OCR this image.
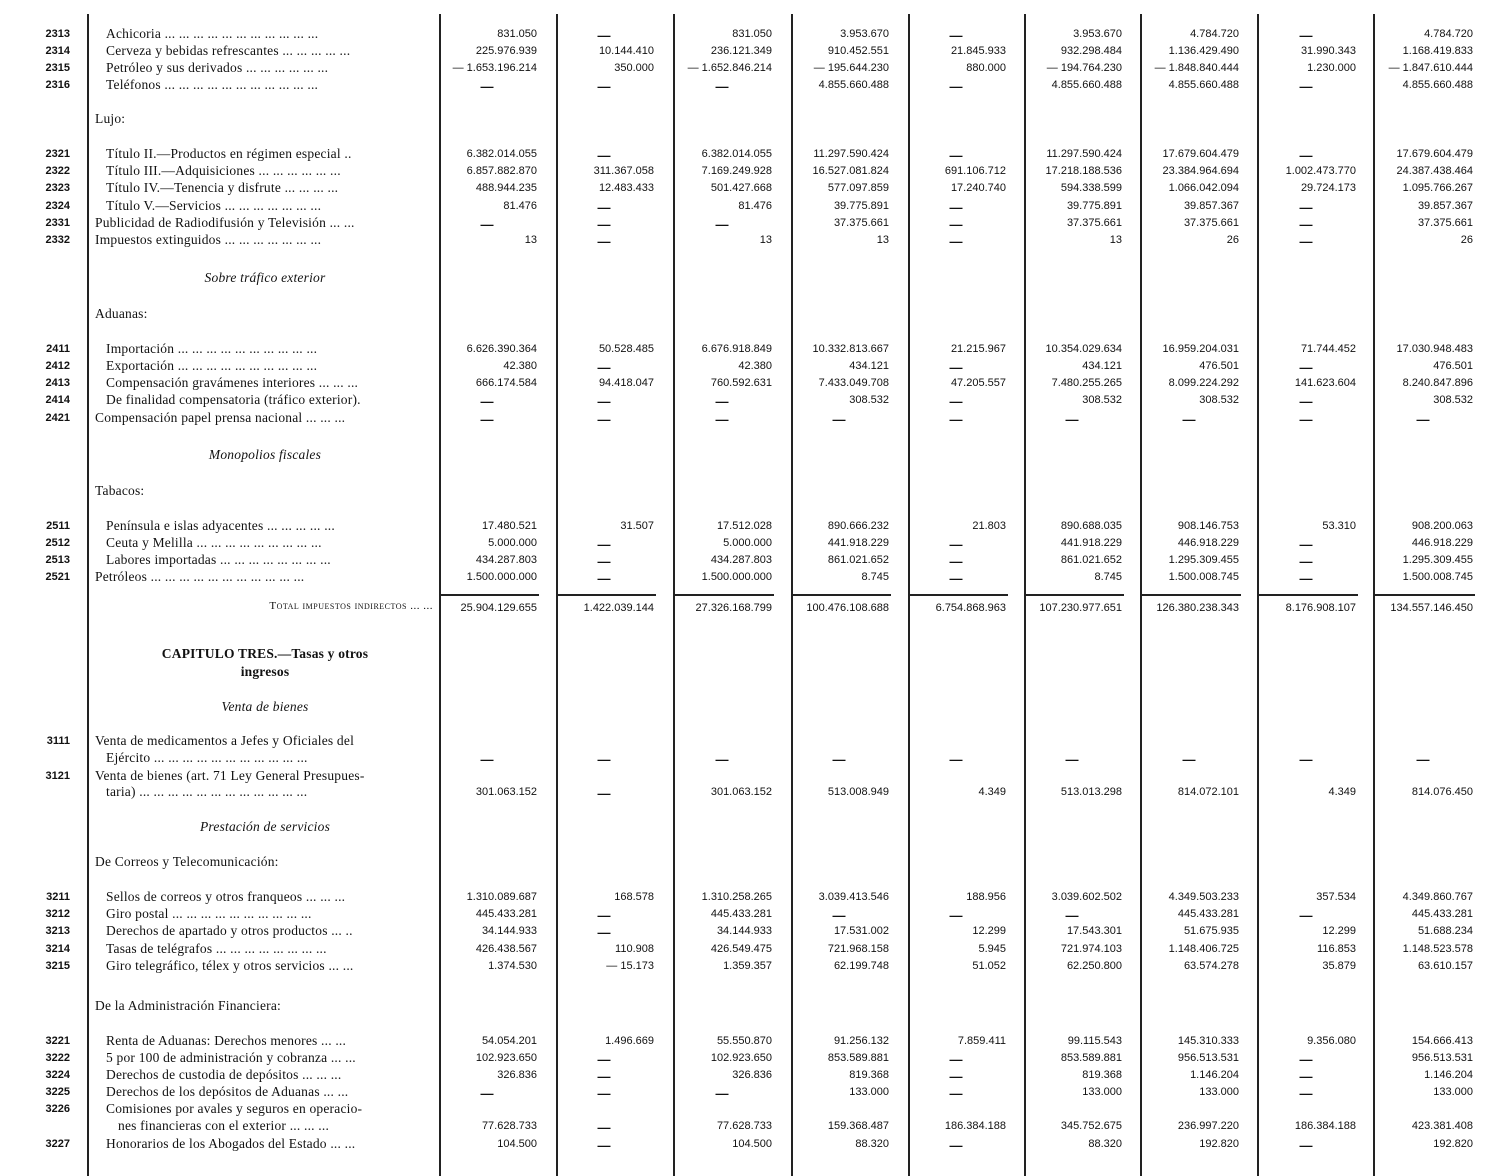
2313	Achicoria ... ... ... ... ... ... ... ... ... ... ...	831.050	—	831.050	3.953.670	—	3.953.670	4.784.720	—	4.784.720
2314	Cerveza y bebidas refrescantes ... ... ... ... ...	225.976.939	10.144.410	236.121.349	910.452.551	21.845.933	932.298.484	1.136.429.490	31.990.343	1.168.419.833
2315	Petróleo y sus derivados ... ... ... ... ... ...	— 1.653.196.214	350.000	— 1.652.846.214	— 195.644.230	880.000	— 194.764.230	— 1.848.840.444	1.230.000	— 1.847.610.444
2316	Teléfonos ... ... ... ... ... ... ... ... ... ... ...	—	—	—	4.855.660.488	—	4.855.660.488	4.855.660.488	—	4.855.660.488
Lujo:
2321	Título II.—Productos en régimen especial ..	6.382.014.055	—	6.382.014.055	11.297.590.424	—	11.297.590.424	17.679.604.479	—	17.679.604.479
2322	Título III.—Adquisiciones ... ... ... ... ... ...	6.857.882.870	311.367.058	7.169.249.928	16.527.081.824	691.106.712	17.218.188.536	23.384.964.694	1.002.473.770	24.387.438.464
2323	Título IV.—Tenencia y disfrute ... ... ... ...	488.944.235	12.483.433	501.427.668	577.097.859	17.240.740	594.338.599	1.066.042.094	29.724.173	1.095.766.267
2324	Título V.—Servicios ... ... ... ... ... ... ...	81.476	—	81.476	39.775.891	—	39.775.891	39.857.367	—	39.857.367
2331 Publicidad de Radiodifusión y Televisión ... ...	—	—	—	37.375.661	—	37.375.661	37.375.661	—	37.375.661
2332 Impuestos extinguidos ... ... ... ... ... ... ...	13	—	13	13	—	13	26	—	26
Sobre tráfico exterior
Aduanas:
2411	Importación ... ... ... ... ... ... ... ... ... ...	6.626.390.364	50.528.485	6.676.918.849	10.332.813.667	21.215.967	10.354.029.634	16.959.204.031	71.744.452	17.030.948.483
2412	Exportación ... ... ... ... ... ... ... ... ... ...	42.380	—	42.380	434.121	—	434.121	476.501	—	476.501
2413	Compensación gravámenes interiores ... ... ...	666.174.584	94.418.047	760.592.631	7.433.049.708	47.205.557	7.480.255.265	8.099.224.292	141.623.604	8.240.847.896
2414	De finalidad compensatoria (tráfico exterior).	—	—	—	308.532	—	308.532	308.532	—	308.532
2421 Compensación papel prensa nacional ... ... ...	—	—	—	—	—	—	—	—	—
Monopolios fiscales
Tabacos:
2511	Península e islas adyacentes ... ... ... ... ...	17.480.521	31.507	17.512.028	890.666.232	21.803	890.688.035	908.146.753	53.310	908.200.063
2512	Ceuta y Melilla ... ... ... ... ... ... ... ... ...	5.000.000	—	5.000.000	441.918.229	—	441.918.229	446.918.229	—	446.918.229
2513	Labores importadas ... ... ... ... ... ... ... ...	434.287.803	—	434.287.803	861.021.652	—	861.021.652	1.295.309.455	—	1.295.309.455
2521 Petróleos ... ... ... ... ... ... ... ... ... ... ...	1.500.000.000	—	1.500.000.000	8.745	—	8.745	1.500.008.745	—	1.500.008.745
Total impuestos indirectos ... ...	25.904.129.655	1.422.039.144	27.326.168.799	100.476.108.688	6.754.868.963	107.230.977.651	126.380.238.343	8.176.908.107	134.557.146.450
CAPITULO TRES.—Tasas y otros
ingresos
Venta de bienes
3111 Venta de medicamentos a Jefes y Oficiales del
Ejército ... ... ... ... ... ... ... ... ... ... ...	—	—	—	—	—	—	—	—	—
3121 Venta de bienes (art. 71 Ley General Presupues-
taria) ... ... ... ... ... ... ... ... ... ... ... ...	301.063.152	—	301.063.152	513.008.949	4.349	513.013.298	814.072.101	4.349	814.076.450
Prestación de servicios
De Correos y Telecomunicación:
3211	Sellos de correos y otros franqueos ... ... ...	1.310.089.687	168.578	1.310.258.265	3.039.413.546	188.956	3.039.602.502	4.349.503.233	357.534	4.349.860.767
3212	Giro postal ... ... ... ... ... ... ... ... ... ...	445.433.281	—	445.433.281	—	—	—	445.433.281	—	445.433.281
3213	Derechos de apartado y otros productos ... ..	34.144.933	—	34.144.933	17.531.002	12.299	17.543.301	51.675.935	12.299	51.688.234
3214	Tasas de telégrafos ... ... ... ... ... ... ... ...	426.438.567	110.908	426.549.475	721.968.158	5.945	721.974.103	1.148.406.725	116.853	1.148.523.578
3215	Giro telegráfico, télex y otros servicios ... ...	1.374.530	— 15.173	1.359.357	62.199.748	51.052	62.250.800	63.574.278	35.879	63.610.157
De la Administración Financiera:
3221	Renta de Aduanas: Derechos menores ... ...	54.054.201	1.496.669	55.550.870	91.256.132	7.859.411	99.115.543	145.310.333	9.356.080	154.666.413
3222	5 por 100 de administración y cobranza ... ...	102.923.650	—	102.923.650	853.589.881	—	853.589.881	956.513.531	—	956.513.531
3224	Derechos de custodia de depósitos ... ... ...	326.836	—	326.836	819.368	—	819.368	1.146.204	—	1.146.204
3225	Derechos de los depósitos de Aduanas ... ...	—	—	—	133.000	—	133.000	133.000	—	133.000
3226	Comisiones por avales y seguros en operacio-
nes financieras con el exterior ... ... ...	77.628.733	—	77.628.733	159.368.487	186.384.188	345.752.675	236.997.220	186.384.188	423.381.408
3227	Honorarios de los Abogados del Estado ... ...	104.500	—	104.500	88.320	—	88.320	192.820	—	192.820
